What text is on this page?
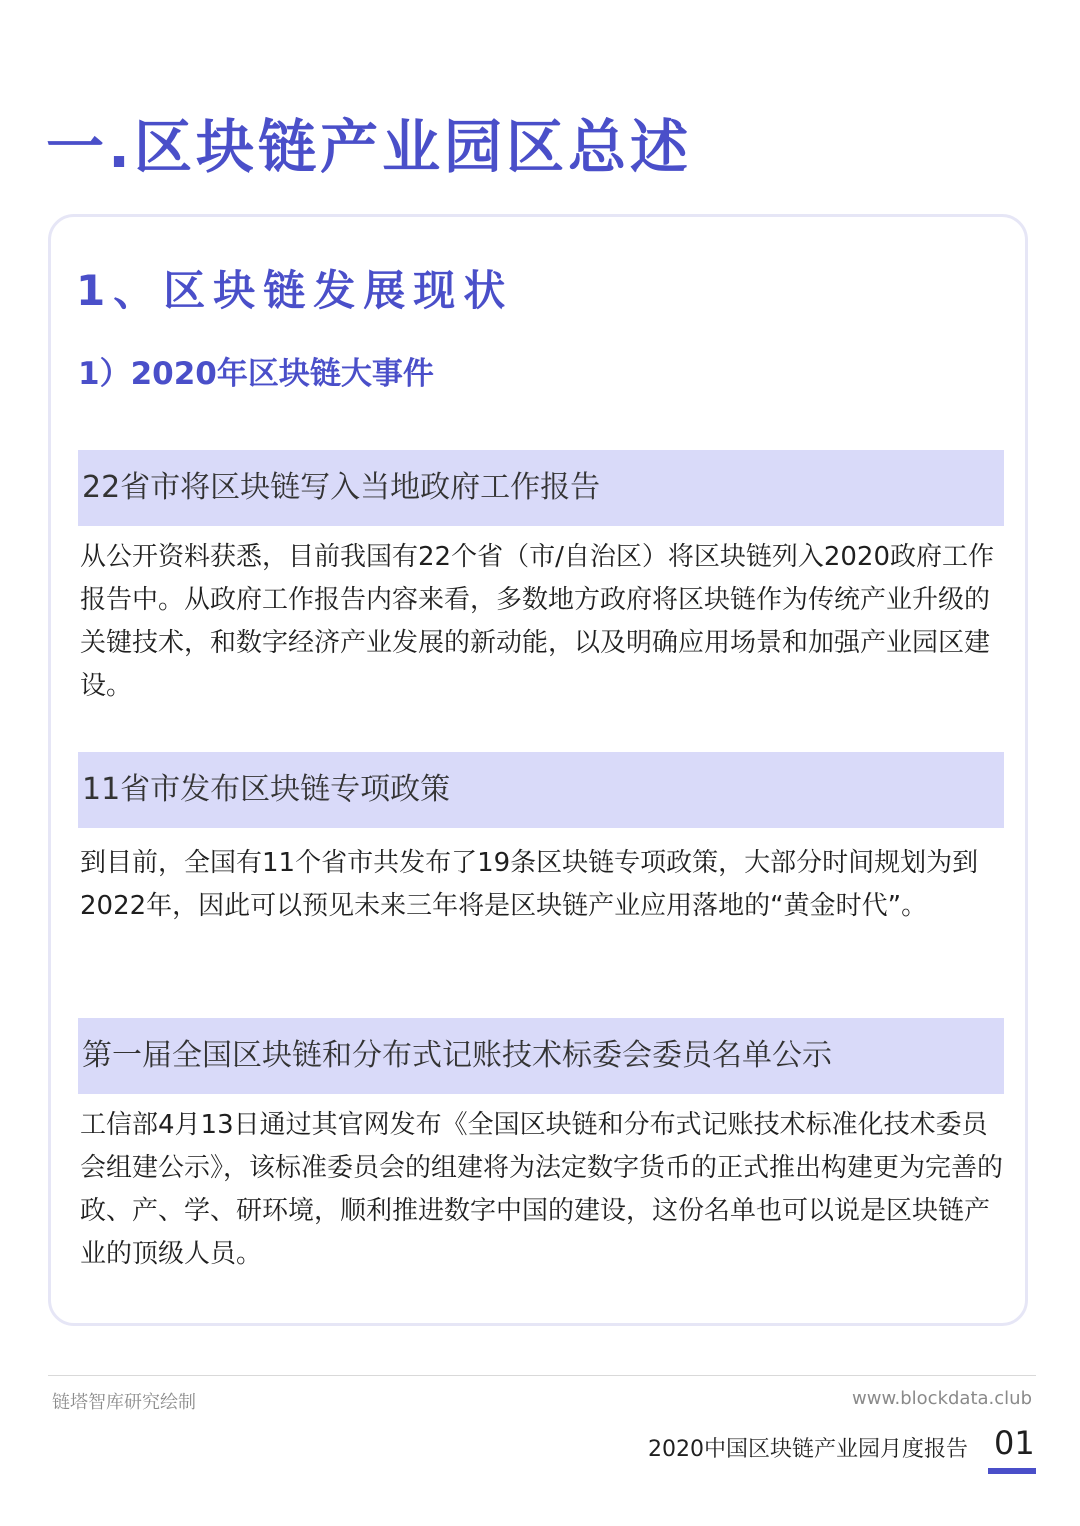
一.区块链产业园区总述
1、区块链发展现状
1）2020年区块链大事件
22省市将区块链写入当地政府工作报告
从公开资料获悉，目前我国有22个省（市/自治区）将区块链列入2020政府工作报告中。从政府工作报告内容来看，多数地方政府将区块链作为传统产业升级的关键技术，和数字经济产业发展的新动能，以及明确应用场景和加强产业园区建设。
11省市发布区块链专项政策
到目前，全国有11个省市共发布了19条区块链专项政策，大部分时间规划为到2022年，因此可以预见未来三年将是区块链产业应用落地的“黄金时代”。
第一届全国区块链和分布式记账技术标委会委员名单公示
工信部4月13日通过其官网发布《全国区块链和分布式记账技术标准化技术委员会组建公示》，该标准委员会的组建将为法定数字货币的正式推出构建更为完善的政、产、学、研环境，顺利推进数字中国的建设，这份名单也可以说是区块链产业的顶级人员。
链塔智库研究绘制	www.blockdata.club
2020中国区块链产业园月度报告 01
